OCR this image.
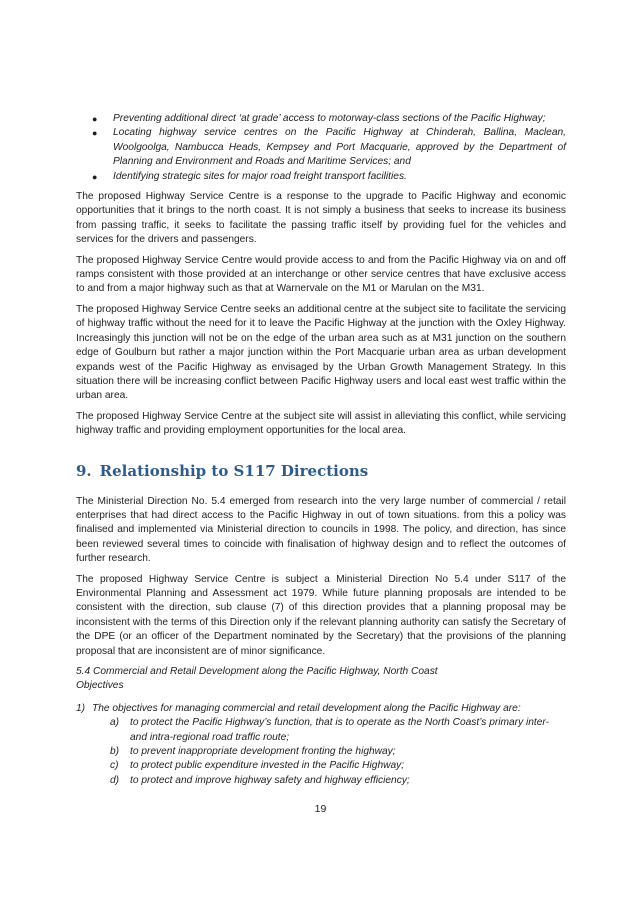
● Preventing additional direct ‘at grade’ access to motorway-class sections of the Pacific Highway;
● Locating highway service centres on the Pacific Highway at Chinderah, Ballina, Maclean, Woolgoolga, Nambucca Heads, Kempsey and Port Macquarie, approved by the Department of Planning and Environment and Roads and Maritime Services; and
● Identifying strategic sites for major road freight transport facilities.

The proposed Highway Service Centre is a response to the upgrade to Pacific Highway and economic opportunities that it brings to the north coast. It is not simply a business that seeks to increase its business from passing traffic, it seeks to facilitate the passing traffic itself by providing fuel for the vehicles and services for the drivers and passengers.

The proposed Highway Service Centre would provide access to and from the Pacific Highway via on and off ramps consistent with those provided at an interchange or other service centres that have exclusive access to and from a major highway such as that at Warnervale on the M1 or Marulan on the M31.

The proposed Highway Service Centre seeks an additional centre at the subject site to facilitate the servicing of highway traffic without the need for it to leave the Pacific Highway at the junction with the Oxley Highway. Increasingly this junction will not be on the edge of the urban area such as at M31 junction on the southern edge of Goulburn but rather a major junction within the Port Macquarie urban area as urban development expands west of the Pacific Highway as envisaged by the Urban Growth Management Strategy. In this situation there will be increasing conflict between Pacific Highway users and local east west traffic within the urban area.

The proposed Highway Service Centre at the subject site will assist in alleviating this conflict, while servicing highway traffic and providing employment opportunities for the local area.

9. Relationship to S117 Directions

The Ministerial Direction No. 5.4 emerged from research into the very large number of commercial / retail enterprises that had direct access to the Pacific Highway in out of town situations. from this a policy was finalised and implemented via Ministerial direction to councils in 1998. The policy, and direction, has since been reviewed several times to coincide with finalisation of highway design and to reflect the outcomes of further research.

The proposed Highway Service Centre is subject a Ministerial Direction No 5.4 under S117 of the Environmental Planning and Assessment act 1979. While future planning proposals are intended to be consistent with the direction, sub clause (7) of this direction provides that a planning proposal may be inconsistent with the terms of this Direction only if the relevant planning authority can satisfy the Secretary of the DPE (or an officer of the Department nominated by the Secretary) that the provisions of the planning proposal that are inconsistent are of minor significance.

5.4 Commercial and Retail Development along the Pacific Highway, North Coast

Objectives

1) The objectives for managing commercial and retail development along the Pacific Highway are:
a) to protect the Pacific Highway’s function, that is to operate as the North Coast’s primary inter-and intra-regional road traffic route;
b) to prevent inappropriate development fronting the highway;
c) to protect public expenditure invested in the Pacific Highway;
d) to protect and improve highway safety and highway efficiency;
19
